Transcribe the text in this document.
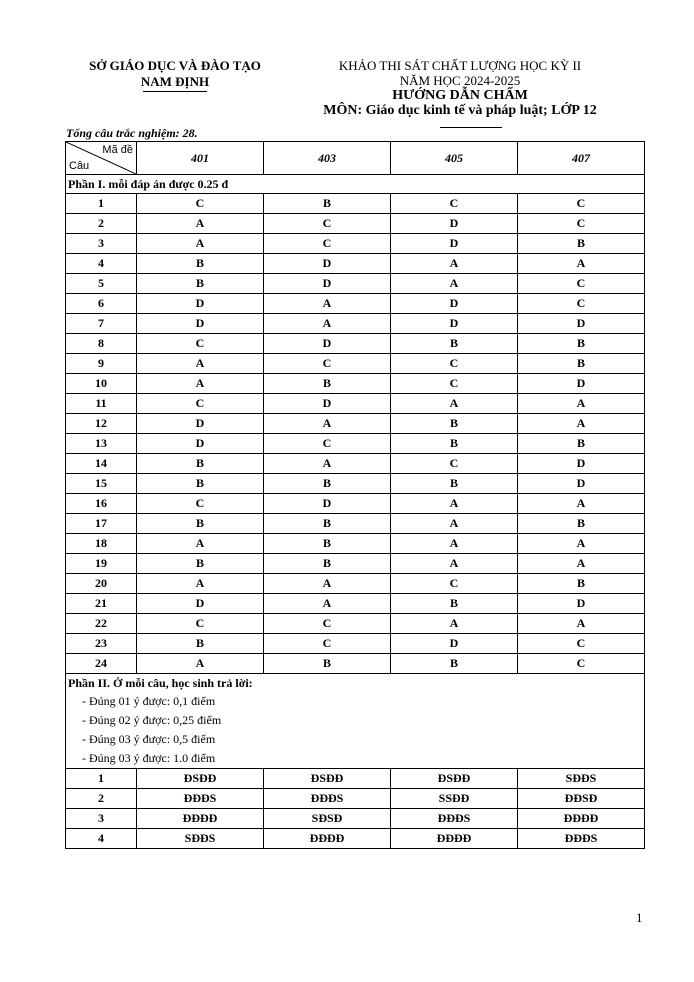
SỞ GIÁO DỤC VÀ ĐÀO TẠO
NAM ĐỊNH
KHẢO THI SÁT CHẤT LƯỢNG HỌC KỲ II
NĂM HỌC 2024-2025
HƯỚNG DẪN CHẤM
MÔN: Giáo dục kinh tế và pháp luật; LỚP 12
Tổng câu trắc nghiệm: 28.
Mã đề
Câu	401	403	405	407
Phần I. mỗi đáp án được 0.25 đ				
1	C	B	C	C
2	A	C	D	C
3	A	C	D	B
4	B	D	A	A
5	B	D	A	C
6	D	A	D	C
7	D	A	D	D
8	C	D	B	B
9	A	C	C	B
10	A	B	C	D
11	C	D	A	A
12	D	A	B	A
13	D	C	B	B
14	B	A	C	D
15	B	B	B	D
16	C	D	A	A
17	B	B	A	B
18	A	B	A	A
19	B	B	A	A
20	A	A	C	B
21	D	A	B	D
22	C	C	A	A
23	B	C	D	C
24	A	B	B	C
Phần II. Ở mỗi câu, học sinh trả lời:				
- Đúng 01 ý được: 0,1 điểm				
- Đúng 02 ý được: 0,25 điểm				
- Đúng 03 ý được: 0,5 điểm				
- Đúng 03 ý được: 1.0 điểm				
1	ĐSĐĐ	ĐSĐĐ	ĐSĐĐ	SĐĐS
2	ĐĐĐS	ĐĐĐS	SSĐĐ	ĐĐSĐ
3	ĐĐĐĐ	SĐSĐ	ĐĐĐS	ĐĐĐĐ
4	SĐĐS	ĐĐĐĐ	ĐĐĐĐ	ĐĐĐS
1
